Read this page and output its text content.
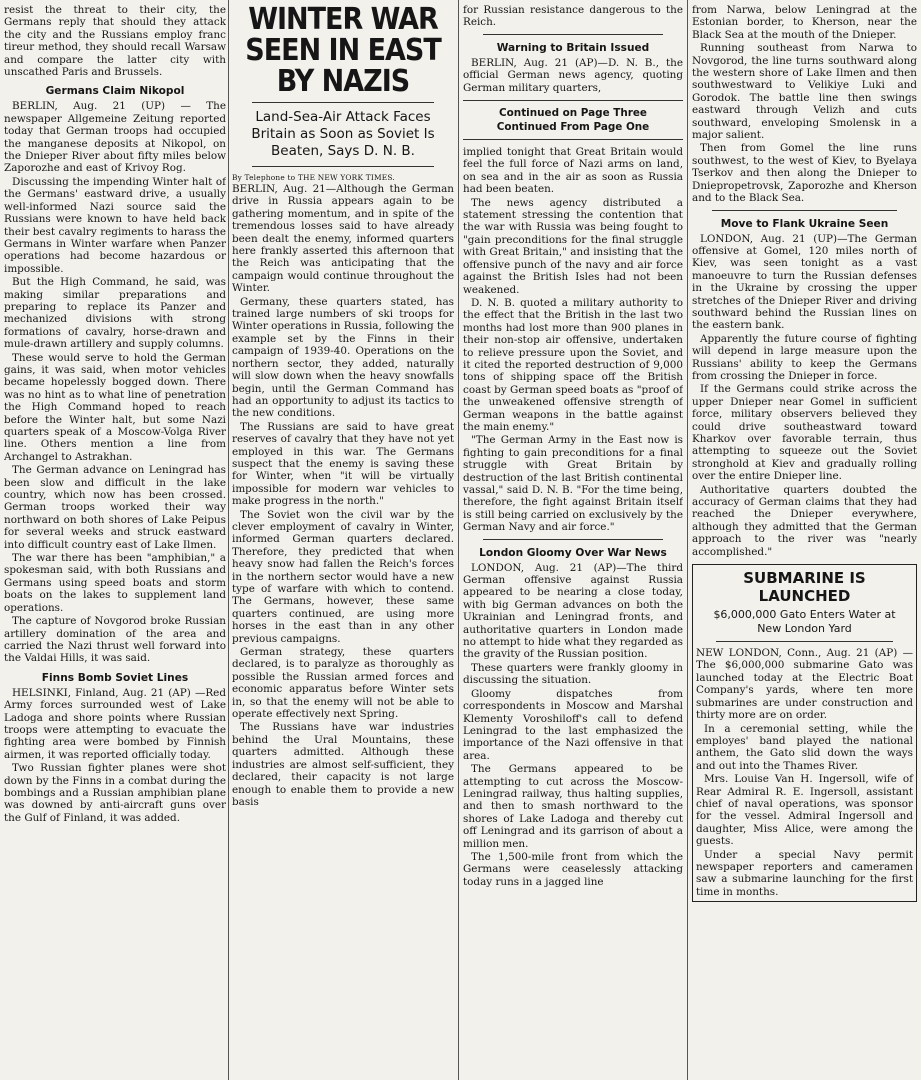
resist the threat to their city, the Germans reply that should they attack the city and the Russians employ franc tireur method, they should recall Warsaw and compare the latter city with unscathed Paris and Brussels.

Germans Claim Nikopol

BERLIN, Aug. 21 (UP) — The newspaper Allgemeine Zeitung reported today that German troops had occupied the manganese deposits at Nikopol, on the Dnieper River about fifty miles below Zaporozhe and east of Krivoy Rog.

Discussing the impending Winter halt of the Germans' eastward drive, a usually well-informed Nazi source said the Russians were known to have held back their best cavalry regiments to harass the Germans in Winter warfare when Panzer operations had become hazardous or impossible.

But the High Command, he said, was making similar preparations and preparing to replace its Panzer and mechanized divisions with strong formations of cavalry, horse-drawn and mule-drawn artillery and supply columns.

These would serve to hold the German gains, it was said, when motor vehicles became hopelessly bogged down. There was no hint as to what line of penetration the High Command hoped to reach before the Winter halt, but some Nazi quarters speak of a Moscow-Volga River line. Others mention a line from Archangel to Astrakhan.

The German advance on Leningrad has been slow and difficult in the lake country, which now has been crossed. German troops worked their way northward on both shores of Lake Peipus for several weeks and struck eastward into difficult country east of Lake Ilmen.

The war there has been "amphibian," a spokesman said, with both Russians and Germans using speed boats and storm boats on the lakes to supplement land operations.

The capture of Novgorod broke Russian artillery domination of the area and carried the Nazi thrust well forward into the Valdai Hills, it was said.

Finns Bomb Soviet Lines

HELSINKI, Finland, Aug. 21 (AP) —Red Army forces surrounded west of Lake Ladoga and shore points where Russian troops were attempting to evacuate the fighting area were bombed by Finnish airmen, it was reported officially today.

Two Russian fighter planes were shot down by the Finns in a combat during the bombings and a Russian amphibian plane was downed by anti-aircraft guns over the Gulf of Finland, it was added.

WINTER WAR SEEN IN EAST BY NAZIS
Land-Sea-Air Attack Faces Britain as Soon as Soviet Is Beaten, Says D. N. B.
By Telephone to THE NEW YORK TIMES.

BERLIN, Aug. 21—Although the German drive in Russia appears again to be gathering momentum, and in spite of the tremendous losses said to have already been dealt the enemy, informed quarters here frankly asserted this afternoon that the Reich was anticipating that the campaign would continue throughout the Winter.

Germany, these quarters stated, has trained large numbers of ski troops for Winter operations in Russia, following the example set by the Finns in their campaign of 1939-40. Operations on the northern sector, they added, naturally will slow down when the heavy snowfalls begin, until the German Command has had an opportunity to adjust its tactics to the new conditions.

The Russians are said to have great reserves of cavalry that they have not yet employed in this war. The Germans suspect that the enemy is saving these for Winter, when "it will be virtually impossible for modern war vehicles to make progress in the north."

The Soviet won the civil war by the clever employment of cavalry in Winter, informed German quarters declared. Therefore, they predicted that when heavy snow had fallen the Reich's forces in the northern sector would have a new type of warfare with which to contend. The Germans, however, these same quarters continued, are using more horses in the east than in any other previous campaigns.

German strategy, these quarters declared, is to paralyze as thoroughly as possible the Russian armed forces and economic apparatus before Winter sets in, so that the enemy will not be able to operate effectively next Spring.

The Russians have war industries behind the Ural Mountains, these quarters admitted. Although these industries are almost self-sufficient, they declared, their capacity is not large enough to enable them to provide a new basis

for Russian resistance dangerous to the Reich.

Warning to Britain Issued

BERLIN, Aug. 21 (AP)—D. N. B., the official German news agency, quoting German military quarters,

Continued on Page Three
Continued From Page One

implied tonight that Great Britain would feel the full force of Nazi arms on land, on sea and in the air as soon as Russia had been beaten.

The news agency distributed a statement stressing the contention that the war with Russia was being fought to "gain preconditions for the final struggle with Great Britain," and insisting that the offensive punch of the navy and air force against the British Isles had not been weakened.

D. N. B. quoted a military authority to the effect that the British in the last two months had lost more than 900 planes in their non-stop air offensive, undertaken to relieve pressure upon the Soviet, and it cited the reported destruction of 9,000 tons of shipping space off the British coast by German speed boats as "proof of the unweakened offensive strength of German weapons in the battle against the main enemy."

"The German Army in the East now is fighting to gain preconditions for a final struggle with Great Britain by destruction of the last British continental vassal," said D. N. B. "For the time being, therefore, the fight against Britain itself is still being carried on exclusively by the German Navy and air force."

London Gloomy Over War News

LONDON, Aug. 21 (AP)—The third German offensive against Russia appeared to be nearing a close today, with big German advances on both the Ukrainian and Leningrad fronts, and authoritative quarters in London made no attempt to hide what they regarded as the gravity of the Russian position.

These quarters were frankly gloomy in discussing the situation.

Gloomy dispatches from correspondents in Moscow and Marshal Klementy Voroshiloff's call to defend Leningrad to the last emphasized the importance of the Nazi offensive in that area.

The Germans appeared to be attempting to cut across the Moscow-Leningrad railway, thus halting supplies, and then to smash northward to the shores of Lake Ladoga and thereby cut off Leningrad and its garrison of about a million men.

The 1,500-mile front from which the Germans were ceaselessly attacking today runs in a jagged line

from Narwa, below Leningrad at the Estonian border, to Kherson, near the Black Sea at the mouth of the Dnieper.

Running southeast from Narwa to Novgorod, the line turns southward along the western shore of Lake Ilmen and then southwestward to Velikiye Luki and Gorodok. The battle line then swings eastward through Velizh and cuts southward, enveloping Smolensk in a major salient.

Then from Gomel the line runs southwest, to the west of Kiev, to Byelaya Tserkov and then along the Dnieper to Dniepropetrovsk, Zaporozhe and Kherson and to the Black Sea.

Move to Flank Ukraine Seen

LONDON, Aug. 21 (UP)—The German offensive at Gomel, 120 miles north of Kiev, was seen tonight as a vast manoeuvre to turn the Russian defenses in the Ukraine by crossing the upper stretches of the Dnieper River and driving southward behind the Russian lines on the eastern bank.

Apparently the future course of fighting will depend in large measure upon the Russians' ability to keep the Germans from crossing the Dnieper in force.

If the Germans could strike across the upper Dnieper near Gomel in sufficient force, military observers believed they could drive southeastward toward Kharkov over favorable terrain, thus attempting to squeeze out the Soviet stronghold at Kiev and gradually rolling over the entire Dnieper line.

Authoritative quarters doubted the accuracy of German claims that they had reached the Dnieper everywhere, although they admitted that the German approach to the river was "nearly accomplished."

SUBMARINE IS LAUNCHED
$6,000,000 Gato Enters Water at New London Yard

NEW LONDON, Conn., Aug. 21 (AP) — The $6,000,000 submarine Gato was launched today at the Electric Boat Company's yards, where ten more submarines are under construction and thirty more are on order.

In a ceremonial setting, while the employes' band played the national anthem, the Gato slid down the ways and out into the Thames River.

Mrs. Louise Van H. Ingersoll, wife of Rear Admiral R. E. Ingersoll, assistant chief of naval operations, was sponsor for the vessel. Admiral Ingersoll and daughter, Miss Alice, were among the guests.

Under a special Navy permit newspaper reporters and cameramen saw a submarine launching for the first time in months.
